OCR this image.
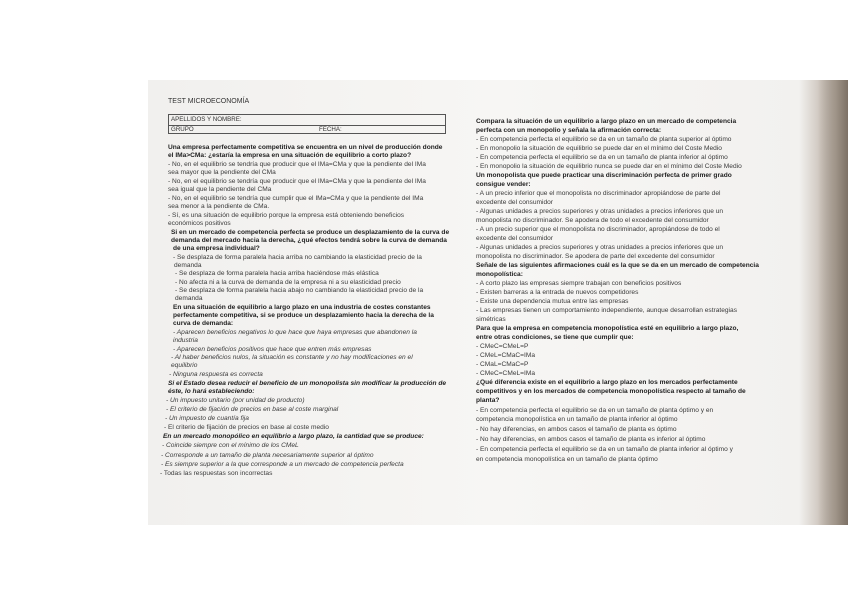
TEST MICROECONOMÍA
APELLIDOS Y NOMBRE:
GRUPO	FECHA:
Una empresa perfectamente competitiva se encuentra en un nivel de producción donde
el IMa>CMa: ¿estaría la empresa en una situación de equilibrio a corto plazo?
- No, en el equilibrio se tendría que producir que el IMa=CMa y que la pendiente del IMa
sea mayor que la pendiente del CMa
- No, en el equilibrio se tendría que producir que el IMa=CMa y que la pendiente del IMa
sea igual que la pendiente del CMa
- No, en el equilibrio se tendría que cumplir que el IMa=CMa y que la pendiente del IMa
sea menor a la pendiente de CMa.
- Sí, es una situación de equilibrio porque la empresa está obteniendo beneficios
económicos positivos
Si en un mercado de competencia perfecta se produce un desplazamiento de la curva de
demanda del mercado hacia la derecha, ¿qué efectos tendrá sobre la curva de demanda
de una empresa individual?
- Se desplaza de forma paralela hacia arriba no cambiando la elasticidad precio de la
demanda
- Se desplaza de forma paralela hacia arriba haciéndose más elástica
- No afecta ni a la curva de demanda de la empresa ni a su elasticidad precio
- Se desplaza de forma paralela hacia abajo no cambiando la elasticidad precio de la
demanda
En una situación de equilibrio a largo plazo en una industria de costes constantes
perfectamente competitiva, si se produce un desplazamiento hacia la derecha de la
curva de demanda:
- Aparecen beneficios negativos lo que hace que haya empresas que abandonen la
industria
- Aparecen beneficios positivos que hace que entren más empresas
- Al haber beneficios nulos, la situación es constante y no hay modificaciones en el
equilibrio
- Ninguna respuesta es correcta
Si el Estado desea reducir el beneficio de un monopolista sin modificar la producción de
éste, lo hará estableciendo:
- Un impuesto unitario (por unidad de producto)
- El criterio de fijación de precios en base al coste marginal
- Un impuesto de cuantía fija
- El criterio de fijación de precios en base al coste medio
En un mercado monopólico en equilibrio a largo plazo, la cantidad que se produce:
- Coincide siempre con el mínimo de los CMeL
- Corresponde a un tamaño de planta necesariamente superior al óptimo
- Es siempre superior a la que corresponde a un mercado de competencia perfecta
- Todas las respuestas son incorrectas
Compara la situación de un equilibrio a largo plazo en un mercado de competencia
perfecta con un monopolio y señala la afirmación correcta:
- En competencia perfecta el equilibrio se da en un tamaño de planta superior al óptimo
- En monopolio la situación de equilibrio se puede dar en el mínimo del Coste Medio
- En competencia perfecta el equilibrio se da en un tamaño de planta inferior al óptimo
- En monopolio la situación de equilibrio nunca se puede dar en el mínimo del Coste Medio
Un monopolista que puede practicar una discriminación perfecta de primer grado
consigue vender:
- A un precio inferior que el monopolista no discriminador apropiándose de parte del
excedente del consumidor
- Algunas unidades a precios superiores y otras unidades a precios inferiores que un
monopolista no discriminador. Se apodera de todo el excedente del consumidor
- A un precio superior que el monopolista no discriminador, apropiándose de todo el
excedente del consumidor
- Algunas unidades a precios superiores y otras unidades a precios inferiores que un
monopolista no discriminador. Se apodera de parte del excedente del consumidor
Señale de las siguientes afirmaciones cuál es la que se da en un mercado de competencia
monopolística:
- A corto plazo las empresas siempre trabajan con beneficios positivos
- Existen barreras a la entrada de nuevos competidores
- Existe una dependencia mutua entre las empresas
- Las empresas tienen un comportamiento independiente, aunque desarrollan estrategias
simétricas
Para que la empresa en competencia monopolística esté en equilibrio a largo plazo,
entre otras condiciones, se tiene que cumplir que:
- CMeC=CMeL=P
- CMeL=CMaC=IMa
- CMaL=CMaC=P
- CMeC=CMeL=IMa
¿Qué diferencia existe en el equilibrio a largo plazo en los mercados perfectamente
competitivos y en los mercados de competencia monopolística respecto al tamaño de
planta?
- En competencia perfecta el equilibrio se da en un tamaño de planta óptimo y en
competencia monopolística en un tamaño de planta inferior al óptimo
- No hay diferencias, en ambos casos el tamaño de planta es óptimo
- No hay diferencias, en ambos casos el tamaño de planta es inferior al óptimo
- En competencia perfecta el equilibrio se da en un tamaño de planta inferior al óptimo y
en competencia monopolística en un tamaño de planta óptimo
